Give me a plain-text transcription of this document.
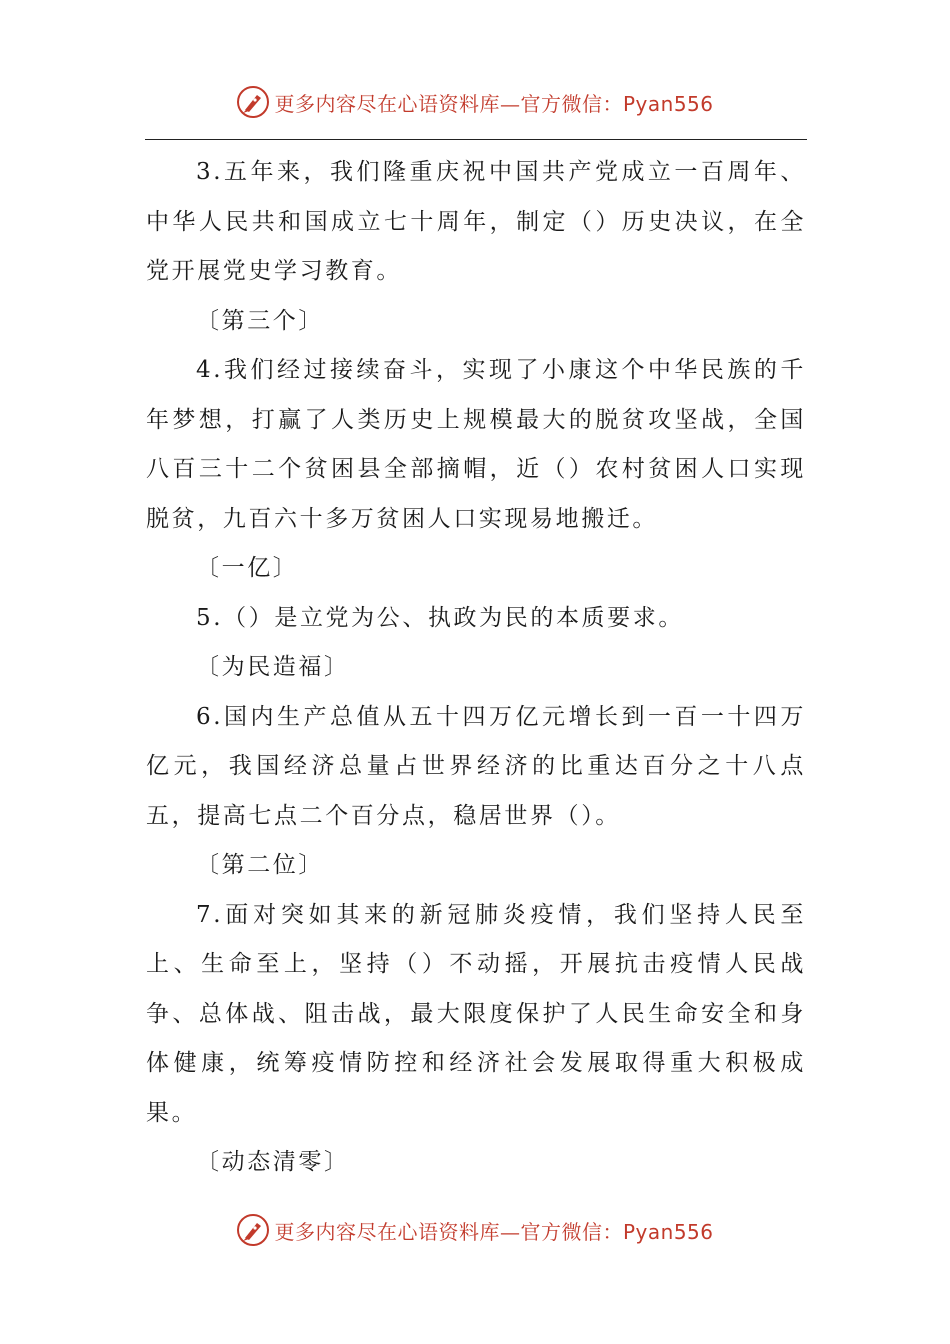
更多内容尽在心语资料库—官方微信：Pyan556

3.五年来，我们隆重庆祝中国共产党成立一百周年、中华人民共和国成立七十周年，制定（）历史决议，在全党开展党史学习教育。

〔第三个〕

4.我们经过接续奋斗，实现了小康这个中华民族的千年梦想，打赢了人类历史上规模最大的脱贫攻坚战，全国八百三十二个贫困县全部摘帽，近（）农村贫困人口实现脱贫，九百六十多万贫困人口实现易地搬迁。

〔一亿〕

5.（）是立党为公、执政为民的本质要求。

〔为民造福〕

6.国内生产总值从五十四万亿元增长到一百一十四万亿元，我国经济总量占世界经济的比重达百分之十八点五，提高七点二个百分点，稳居世界（）。

〔第二位〕

7.面对突如其来的新冠肺炎疫情，我们坚持人民至上、生命至上，坚持（）不动摇，开展抗击疫情人民战争、总体战、阻击战，最大限度保护了人民生命安全和身体健康，统筹疫情防控和经济社会发展取得重大积极成果。

〔动态清零〕

更多内容尽在心语资料库—官方微信：Pyan556
